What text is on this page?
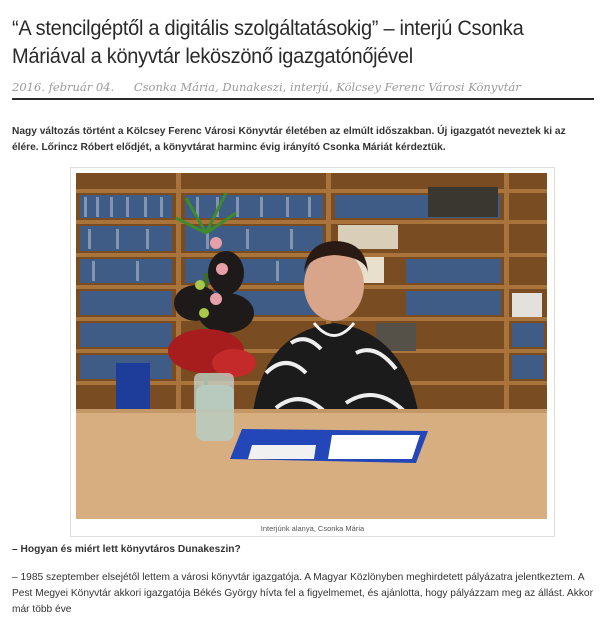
“A stencilgéptől a digitális szolgáltatásokig” – interjú Csonka Máriával a könyvtár leköszönő igazgatónőjével
2016. február 04. Csonka Mária, Dunakeszi, interjú, Kölcsey Ferenc Városi Könyvtár

Nagy változás történt a Kölcsey Ferenc Városi Könyvtár életében az elmúlt időszakban. Új igazgatót neveztek ki az élére. Lőrincz Róbert elődjét, a könyvtárat harminc évig irányító Csonka Máriát kérdeztük.

Interjúnk alanya, Csonka Mária
– Hogyan és miért lett könyvtáros Dunakeszin?

– 1985 szeptember elsejétől lettem a városi könyvtár igazgatója. A Magyar Közlönyben meghirdetett pályázatra jelentkeztem. A Pest Megyei Könyvtár akkori igazgatója Békés György hívta fel a figyelmemet, és ajánlotta, hogy pályázzam meg az állást. Akkor már több éve
